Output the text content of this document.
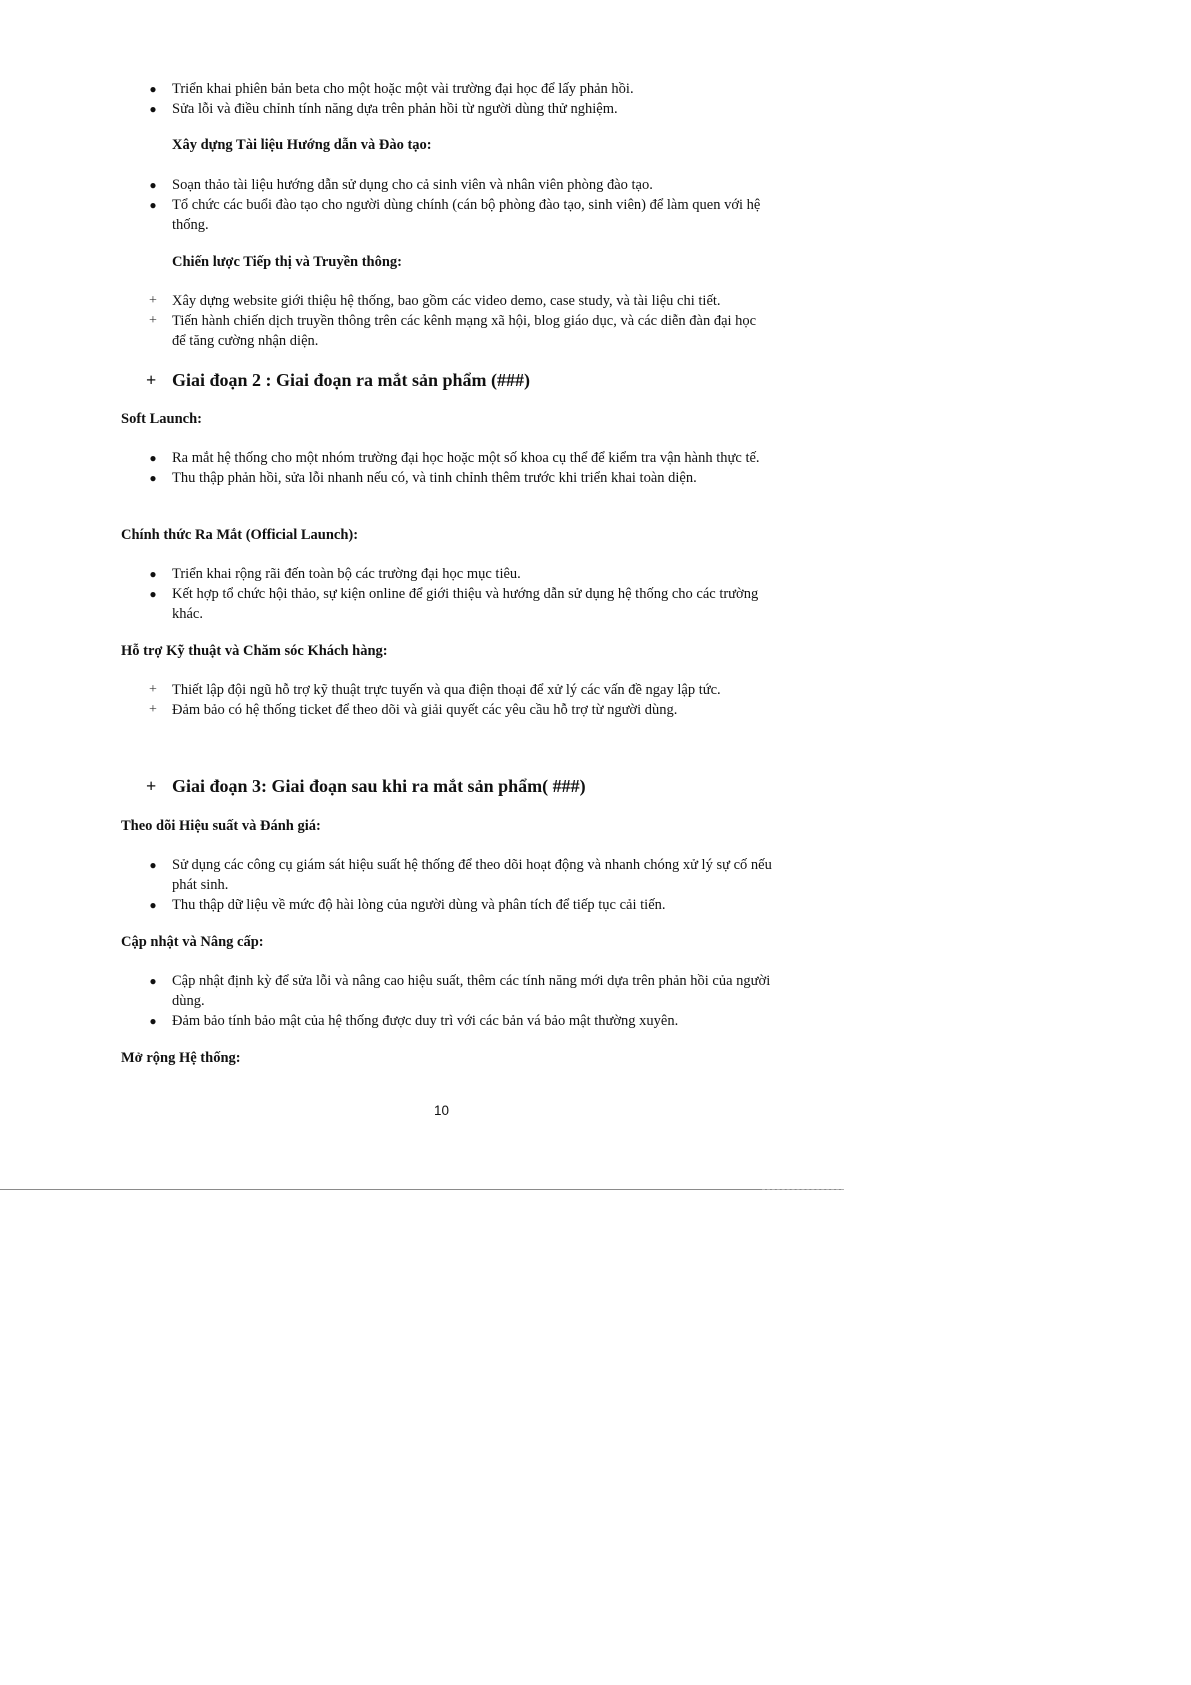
● Triển khai phiên bản beta cho một hoặc một vài trường đại học để lấy phản hồi.
● Sửa lỗi và điều chỉnh tính năng dựa trên phản hồi từ người dùng thử nghiệm.
Xây dựng Tài liệu Hướng dẫn và Đào tạo:
● Soạn thảo tài liệu hướng dẫn sử dụng cho cả sinh viên và nhân viên phòng đào tạo.
● Tổ chức các buổi đào tạo cho người dùng chính (cán bộ phòng đào tạo, sinh viên) để làm quen với hệ thống.
Chiến lược Tiếp thị và Truyền thông:
+ Xây dựng website giới thiệu hệ thống, bao gồm các video demo, case study, và tài liệu chi tiết.
+ Tiến hành chiến dịch truyền thông trên các kênh mạng xã hội, blog giáo dục, và các diễn đàn đại học để tăng cường nhận diện.
+ Giai đoạn 2 : Giai đoạn ra mắt sản phẩm (###)
Soft Launch:
● Ra mắt hệ thống cho một nhóm trường đại học hoặc một số khoa cụ thể để kiểm tra vận hành thực tế.
● Thu thập phản hồi, sửa lỗi nhanh nếu có, và tinh chỉnh thêm trước khi triển khai toàn diện.
Chính thức Ra Mắt (Official Launch):
● Triển khai rộng rãi đến toàn bộ các trường đại học mục tiêu.
● Kết hợp tổ chức hội thảo, sự kiện online để giới thiệu và hướng dẫn sử dụng hệ thống cho các trường khác.
Hỗ trợ Kỹ thuật và Chăm sóc Khách hàng:
+ Thiết lập đội ngũ hỗ trợ kỹ thuật trực tuyến và qua điện thoại để xử lý các vấn đề ngay lập tức.
+ Đảm bảo có hệ thống ticket để theo dõi và giải quyết các yêu cầu hỗ trợ từ người dùng.
+ Giai đoạn 3: Giai đoạn sau khi ra mắt sản phẩm( ###)
Theo dõi Hiệu suất và Đánh giá:
● Sử dụng các công cụ giám sát hiệu suất hệ thống để theo dõi hoạt động và nhanh chóng xử lý sự cố nếu phát sinh.
● Thu thập dữ liệu về mức độ hài lòng của người dùng và phân tích để tiếp tục cải tiến.
Cập nhật và Nâng cấp:
● Cập nhật định kỳ để sửa lỗi và nâng cao hiệu suất, thêm các tính năng mới dựa trên phản hồi của người dùng.
● Đảm bảo tính bảo mật của hệ thống được duy trì với các bản vá bảo mật thường xuyên.
Mở rộng Hệ thống:
10
